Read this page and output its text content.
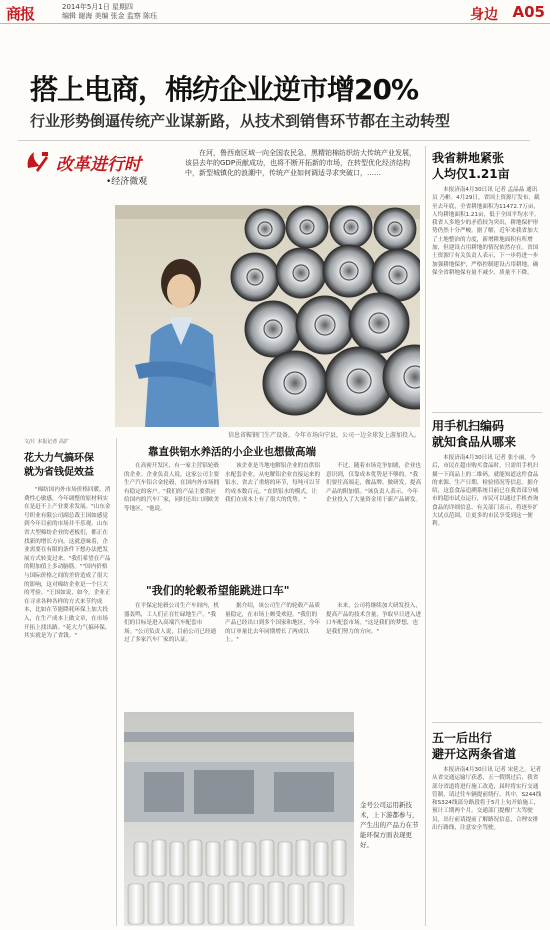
商报	2014年5月1日 星期四
编辑 谢海 美编 张金 监察 陈珏	身边 A05
搭上电商，棉纺企业逆市增20%
行业形势倒逼传统产业谋新路，从技术到销售环节都在主动转型
改革进行时
•经济微观

在河，鲁西南区域一向全国农民急，黑精铂棉纺织纺大传统产业发展，该县去年的GDP贡献成功，也将不断开拓新的市场，在转型优化经济结构中，新型城镇化的浪潮中，传统产业如何调适寻求突破口，……

信息省鞍钢门生产设备，今年市场向宁县，公司一边全球发上游加投入。

我省耕地紧张
人均仅1.21亩

本报济南4月30日讯 记者 孟晶晶 通讯员 乃彬。4月29日，省国土资源厅发布，截至去年底，全省耕地面积为11472.7万亩，人均耕地面积1.21亩，低于全国平均水平。我省人多地少的矛盾较为突出，耕地保护形势仍然十分严峻。据了解，近年来我省加大了土地整治的力度，新增耕地面积有所增加，但建设占用耕地的情况依然存在。省国土资源厅有关负责人表示，下一步将进一步加强耕地保护，严格控制建设占用耕地，确保全省耕地保有量不减少、质量不下降。

用手机扫编码
就知食品从哪来

本报济南4月30日讯 记者 张小丽。今后，市民在超市购买食品时，只需用手机扫描一下商品上的二维码，就能知道这件食品的来源、生产日期、检验情况等信息。据介绍，这套食品追溯系统目前已在我省部分城市的超市试点运行，市民可以通过手机查询食品的详细信息。有关部门表示，将逐步扩大试点范围，让更多的市民享受到这一便利。

五一后出行
避开这两条省道

本报济南4月30日讯 记者 宋延之。记者从省交通运输厅获悉，五一假期过后，我省部分省道将进行施工改造，届时将实行交通管制，请过往车辆提前绕行。其中，S244线和S324线部分路段将于5月上旬开始施工，预计工期两个月。交通部门提醒广大驾驶员，出行前请提前了解路况信息，合理安排出行路线，注意安全驾驶。

文/片 本报记者 高扩
花大力气搞环保
就为省钱促效益

"棉纺国内外市场价格回暖，消费性心敏感，今年调整的原材料实在是赶不上产业要求发展。"山东金号织业有限公司副总裁王国如感觉到今年目前的市场并不乐观。山东省大型棉纺企业的老板们，都正在找新的增长方向。这就意味着，企业需要在有限的条件下想办法把发展方式转变过来。"我们希望在产品的附加值上多动脑筋。""国内价格与国际价格之间的差价造成了很大的影响，这对棉纺企业是一个巨大的考验。"王国如说，如今，企业正在寻求各种各样的方式来节约成本，比如在节能降耗环保上加大投入，在生产成本上做文章，在市场开拓上找出路。"花大力气搞环保，其实就是为了省钱。"

靠直供铝水养活的小企业也想做高端

在高密开发区，有一家主营铝轮毂的企业。企业负责人说，这家公司主要生产汽车铝合金轮毂，在国内外市场拥有稳定的客户。"我们的产品主要供应给国内的汽车厂家，同时还出口到欧美等地区。"他说。

该企业是当地电解铝企业的直供铝水配套企业，从电解铝企业直接运来的铝水，省去了重熔的环节，每吨可以节约成本数百元。"直供铝水的模式，让我们在成本上有了很大的优势。"

不过，随着市场竞争加剧，企业也意识到，仅靠成本优势是不够的。"我们要往高端走，做品牌、做研发，提高产品的附加值。"该负责人表示，今年企业投入了大量资金用于新产品研发。

"我们的轮毂希望能跳进口车"

在平保定轮毂公司生产车间内，机器轰鸣，工人们正在忙碌地生产。"我们的目标是进入高端汽车配套市场。"公司负责人说，目前公司已经通过了多家汽车厂家的认证。

据介绍，该公司生产的轮毂产品质量稳定，在市场上颇受欢迎。"我们的产品已经出口到多个国家和地区，今年的订单量比去年同期增长了两成以上。"

未来，公司将继续加大研发投入，提高产品的技术含量，争取早日进入进口车配套市场。"这是我们的梦想，也是我们努力的方向。"

金号公司运用新技术，上下游都参与，产生出的产品力在节能环保方面表现更好。
